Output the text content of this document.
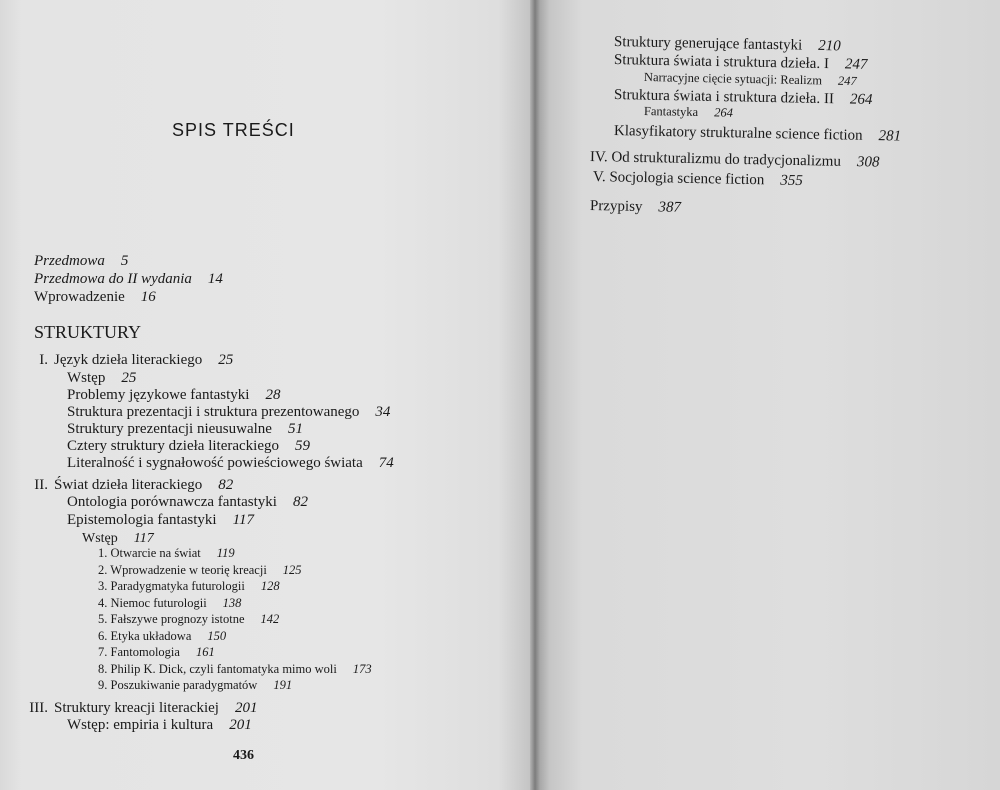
SPIS TREŚCI
Przedmowa 5
Przedmowa do II wydania 14
Wprowadzenie 16
STRUKTURY
I. Język dzieła literackiego 25
Wstęp 25
Problemy językowe fantastyki 28
Struktura prezentacji i struktura prezentowanego 34
Struktury prezentacji nieusuwalne 51
Cztery struktury dzieła literackiego 59
Literalność i sygnałowość powieściowego świata 74
II. Świat dzieła literackiego 82
Ontologia porównawcza fantastyki 82
Epistemologia fantastyki 117
Wstęp 117
1. Otwarcie na świat 119
2. Wprowadzenie w teorię kreacji 125
3. Paradygmatyka futurologii 128
4. Niemoc futurologii 138
5. Fałszywe prognozy istotne 142
6. Etyka układowa 150
7. Fantomologia 161
8. Philip K. Dick, czyli fantomatyka mimo woli 173
9. Poszukiwanie paradygmatów 191
III. Struktury kreacji literackiej 201
Wstęp: empiria i kultura 201
436
Struktury generujące fantastyki 210
Struktura świata i struktura dzieła. I 247
Narracyjne cięcie sytuacji: Realizm 247
Struktura świata i struktura dzieła. II 264
Fantastyka 264
Klasyfikatory strukturalne science fiction 281
IV. Od strukturalizmu do tradycjonalizmu 308
V. Socjologia science fiction 355
Przypisy 387
